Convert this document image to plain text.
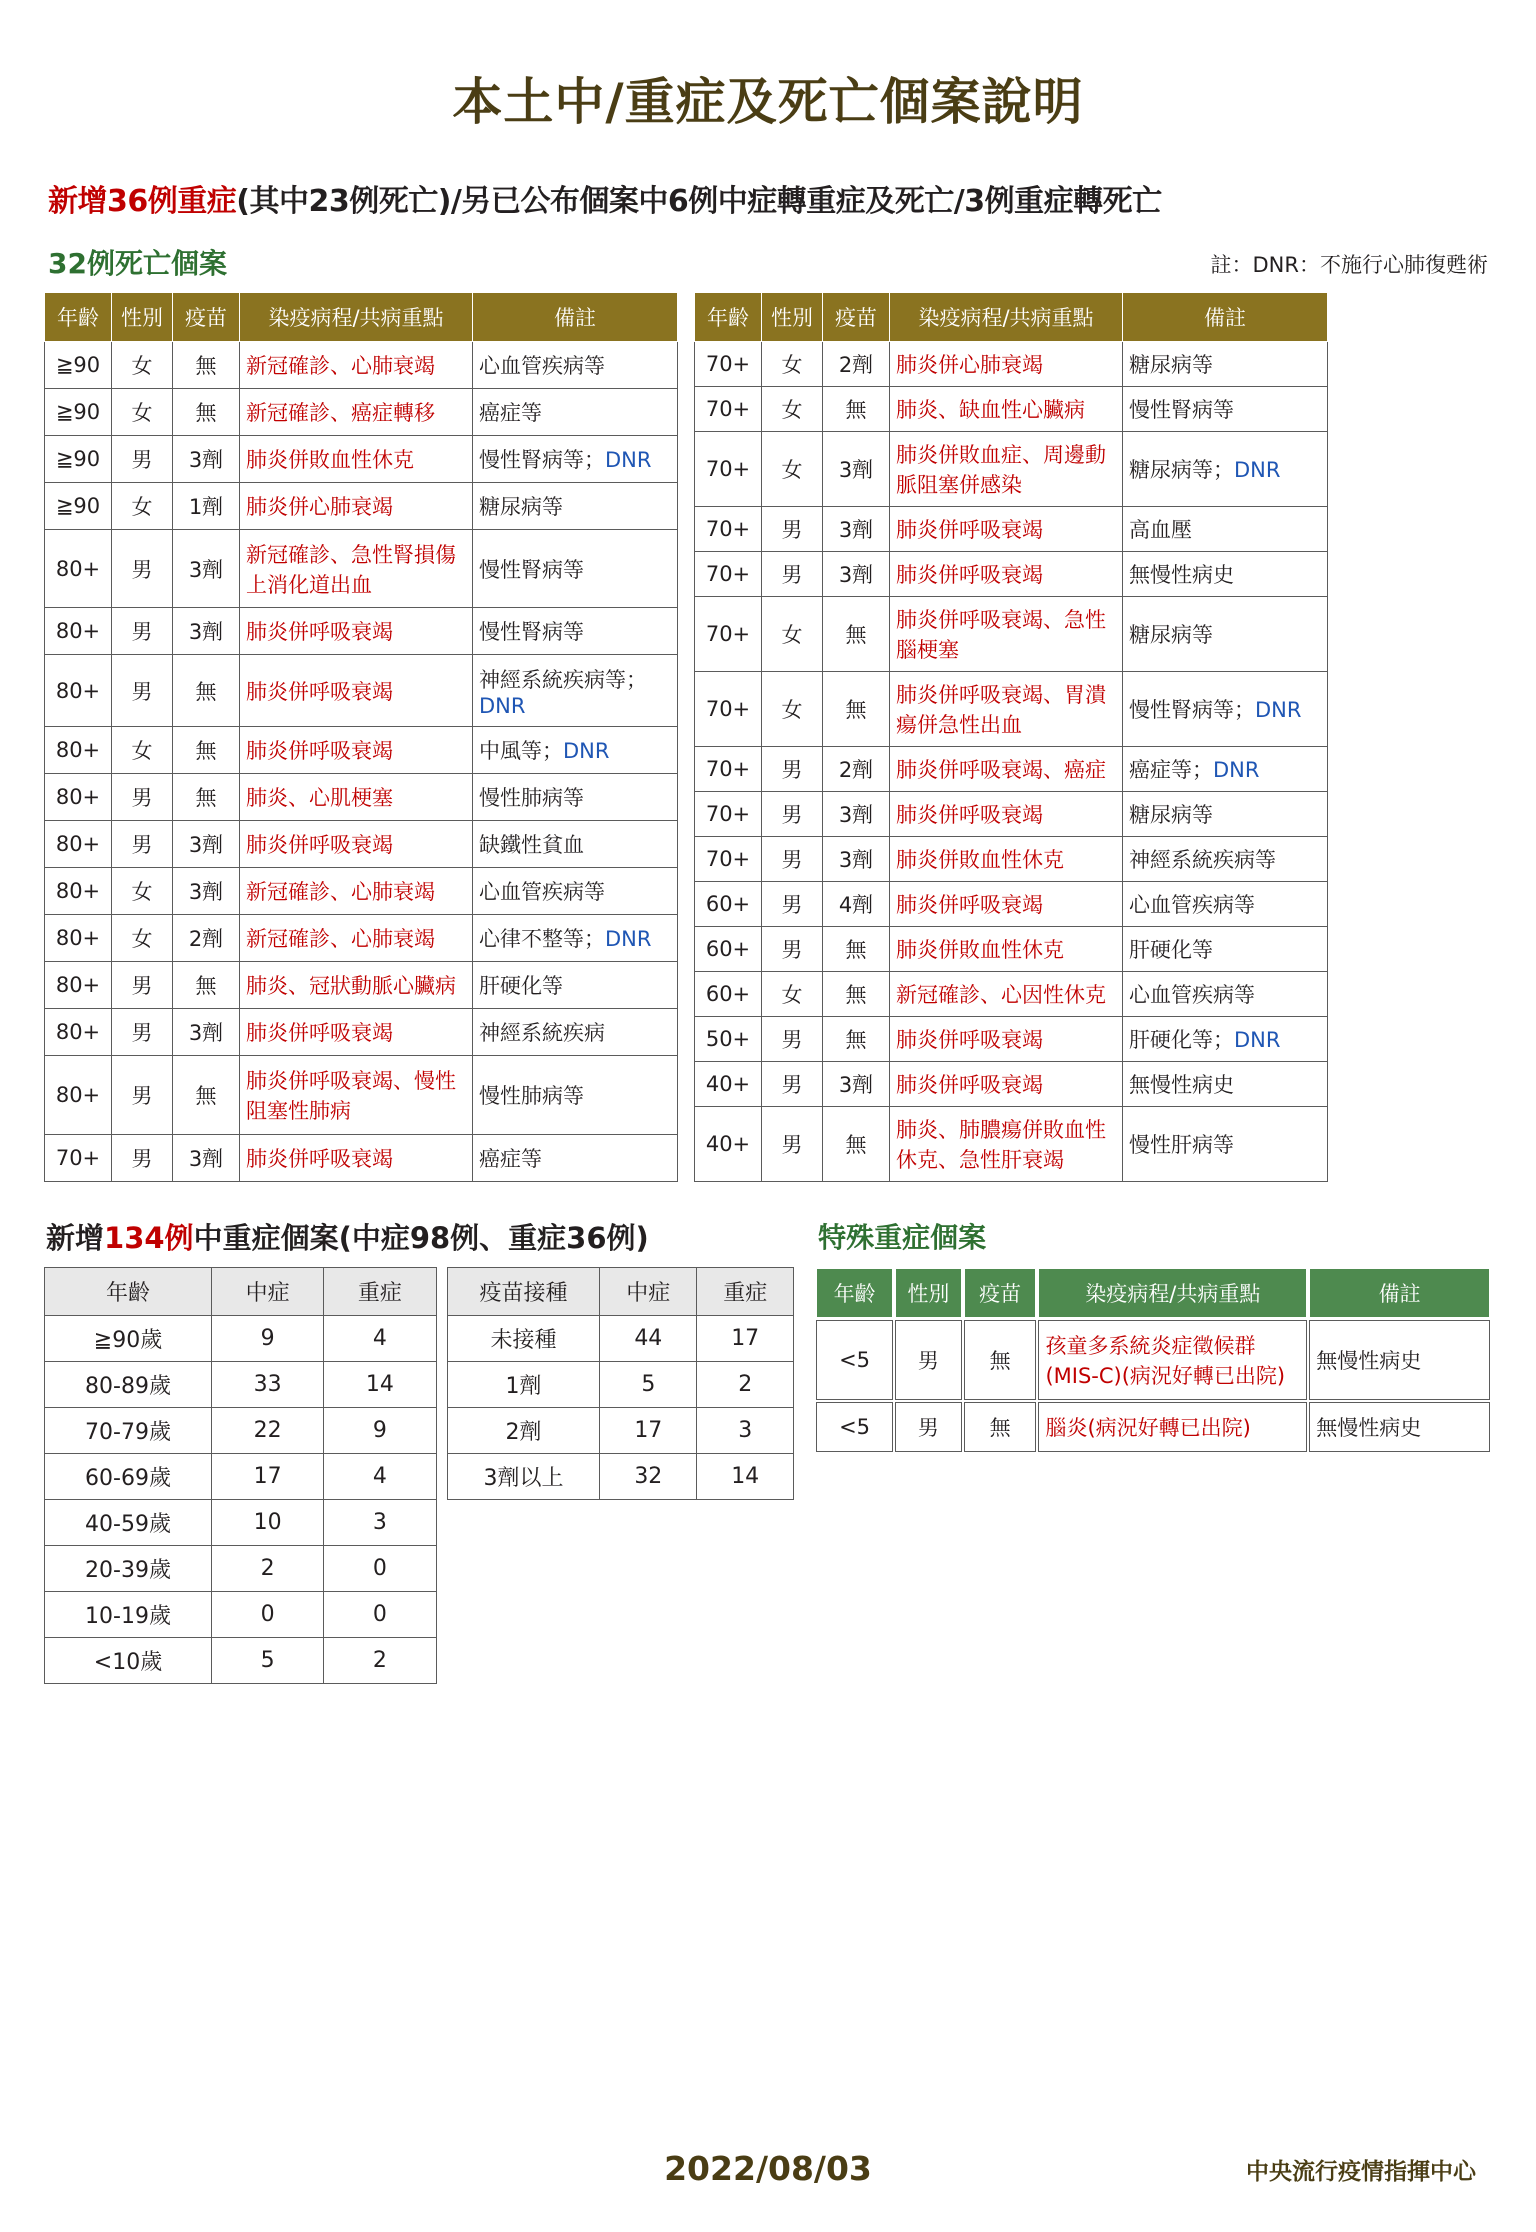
本土中/重症及死亡個案說明
新增36例重症(其中23例死亡)/另已公布個案中6例中症轉重症及死亡/3例重症轉死亡
32例死亡個案	註：DNR：不施行心肺復甦術
年齡	性別	疫苗	染疫病程/共病重點	備註
≧90	女	無	新冠確診、心肺衰竭	心血管疾病等
≧90	女	無	新冠確診、癌症轉移	癌症等
≧90	男	3劑	肺炎併敗血性休克	慢性腎病等；DNR
≧90	女	1劑	肺炎併心肺衰竭	糖尿病等
80+	男	3劑	新冠確診、急性腎損傷上消化道出血	慢性腎病等
80+	男	3劑	肺炎併呼吸衰竭	慢性腎病等
80+	男	無	肺炎併呼吸衰竭	神經系統疾病等；DNR
80+	女	無	肺炎併呼吸衰竭	中風等；DNR
80+	男	無	肺炎、心肌梗塞	慢性肺病等
80+	男	3劑	肺炎併呼吸衰竭	缺鐵性貧血
80+	女	3劑	新冠確診、心肺衰竭	心血管疾病等
80+	女	2劑	新冠確診、心肺衰竭	心律不整等；DNR
80+	男	無	肺炎、冠狀動脈心臟病	肝硬化等
80+	男	3劑	肺炎併呼吸衰竭	神經系統疾病
80+	男	無	肺炎併呼吸衰竭、慢性阻塞性肺病	慢性肺病等
70+	男	3劑	肺炎併呼吸衰竭	癌症等
年齡	性別	疫苗	染疫病程/共病重點	備註
70+	女	2劑	肺炎併心肺衰竭	糖尿病等
70+	女	無	肺炎、缺血性心臟病	慢性腎病等
70+	女	3劑	肺炎併敗血症、周邊動脈阻塞併感染	糖尿病等；DNR
70+	男	3劑	肺炎併呼吸衰竭	高血壓
70+	男	3劑	肺炎併呼吸衰竭	無慢性病史
70+	女	無	肺炎併呼吸衰竭、急性腦梗塞	糖尿病等
70+	女	無	肺炎併呼吸衰竭、胃潰瘍併急性出血	慢性腎病等；DNR
70+	男	2劑	肺炎併呼吸衰竭、癌症	癌症等；DNR
70+	男	3劑	肺炎併呼吸衰竭	糖尿病等
70+	男	3劑	肺炎併敗血性休克	神經系統疾病等
60+	男	4劑	肺炎併呼吸衰竭	心血管疾病等
60+	男	無	肺炎併敗血性休克	肝硬化等
60+	女	無	新冠確診、心因性休克	心血管疾病等
50+	男	無	肺炎併呼吸衰竭	肝硬化等；DNR
40+	男	3劑	肺炎併呼吸衰竭	無慢性病史
40+	男	無	肺炎、肺膿瘍併敗血性休克、急性肝衰竭	慢性肝病等
新增134例中重症個案(中症98例、重症36例)
年齡	中症	重症
≧90歲	9	4
80-89歲	33	14
70-79歲	22	9
60-69歲	17	4
40-59歲	10	3
20-39歲	2	0
10-19歲	0	0
<10歲	5	2
疫苗接種	中症	重症
未接種	44	17
1劑	5	2
2劑	17	3
3劑以上	32	14
特殊重症個案
年齡	性別	疫苗	染疫病程/共病重點	備註
<5	男	無	孩童多系統炎症徵候群(MIS-C)(病況好轉已出院)	無慢性病史
<5	男	無	腦炎(病況好轉已出院)	無慢性病史
2022/08/03	中央流行疫情指揮中心
